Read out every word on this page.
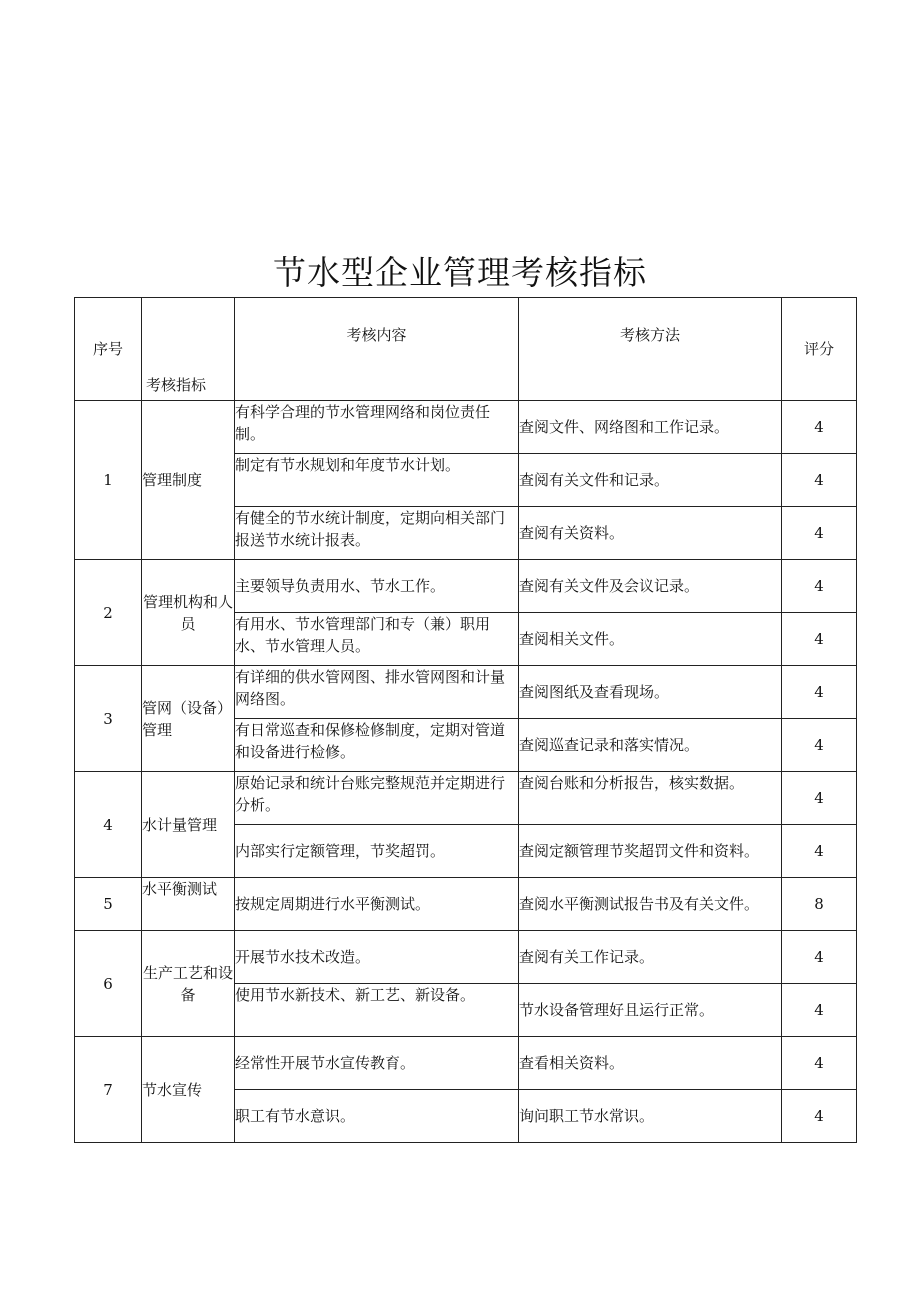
节水型企业管理考核指标
序号	考核指标	考核内容	考核方法	评分
1	管理制度	有科学合理的节水管理网络和岗位责任制。	查阅文件、网络图和工作记录。	4
		制定有节水规划和年度节水计划。	查阅有关文件和记录。	4
		有健全的节水统计制度，定期向相关部门报送节水统计报表。	查阅有关资料。	4
2	管理机构和人员	主要领导负责用水、节水工作。	查阅有关文件及会议记录。	4
		有用水、节水管理部门和专（兼）职用水、节水管理人员。	查阅相关文件。	4
3	管网（设备）管理	有详细的供水管网图、排水管网图和计量网络图。	查阅图纸及查看现场。	4
		有日常巡查和保修检修制度，定期对管道和设备进行检修。	查阅巡查记录和落实情况。	4
4	水计量管理	原始记录和统计台账完整规范并定期进行分析。	查阅台账和分析报告，核实数据。	4
		内部实行定额管理，节奖超罚。	查阅定额管理节奖超罚文件和资料。	4
5	水平衡测试	按规定周期进行水平衡测试。	查阅水平衡测试报告书及有关文件。	8
6	生产工艺和设备	开展节水技术改造。	查阅有关工作记录。	4
		使用节水新技术、新工艺、新设备。	节水设备管理好且运行正常。	4
7	节水宣传	经常性开展节水宣传教育。	查看相关资料。	4
		职工有节水意识。	询问职工节水常识。	4
